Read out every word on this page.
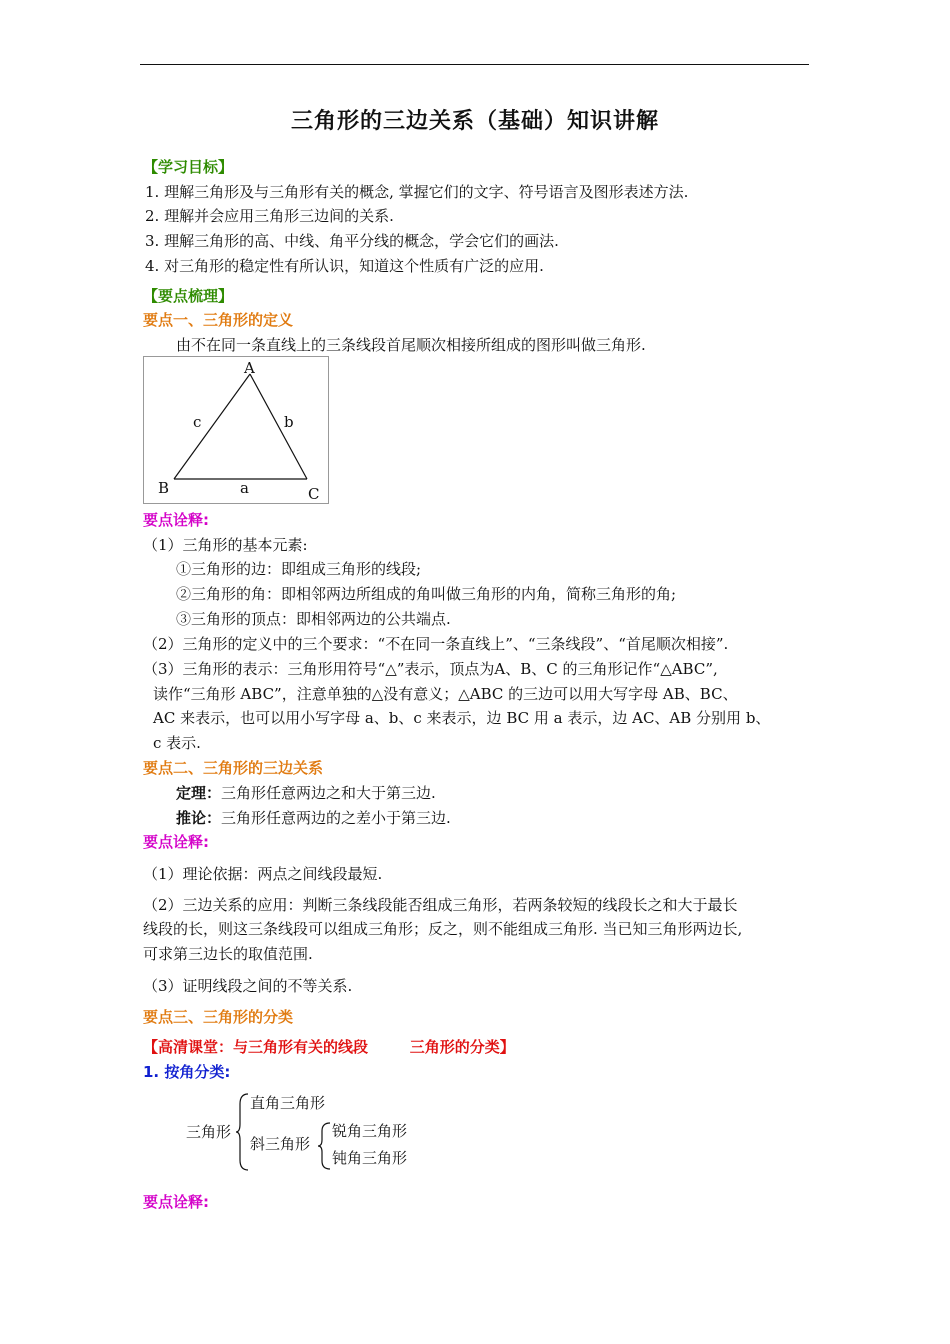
三角形的三边关系（基础）知识讲解
【学习目标】
1. 理解三角形及与三角形有关的概念, 掌握它们的文字、符号语言及图形表述方法.
2. 理解并会应用三角形三边间的关系.
3. 理解三角形的高、中线、角平分线的概念，学会它们的画法.
4. 对三角形的稳定性有所认识，知道这个性质有广泛的应用.
【要点梳理】
要点一、三角形的定义
由不在同一条直线上的三条线段首尾顺次相接所组成的图形叫做三角形.
A
B	C
a
b
c
要点诠释:
（1）三角形的基本元素:
①三角形的边：即组成三角形的线段;
②三角形的角：即相邻两边所组成的角叫做三角形的内角，简称三角形的角;
③三角形的顶点：即相邻两边的公共端点.
（2）三角形的定义中的三个要求：“不在同一条直线上”、“三条线段”、“首尾顺次相接”.
（3）三角形的表示：三角形用符号“△”表示，顶点为A、B、C 的三角形记作“△ABC”,
读作“三角形 ABC”，注意单独的△没有意义；△ABC 的三边可以用大写字母 AB、BC、
AC 来表示，也可以用小写字母 a、b、c 来表示，边 BC 用 a 表示，边 AC、AB 分别用 b、
c 表示.
要点二、三角形的三边关系
定理：三角形任意两边之和大于第三边.
推论：三角形任意两边的之差小于第三边.
要点诠释:
（1）理论依据：两点之间线段最短.
（2）三边关系的应用：判断三条线段能否组成三角形，若两条较短的线段长之和大于最长
线段的长，则这三条线段可以组成三角形；反之，则不能组成三角形. 当已知三角形两边长,
可求第三边长的取值范围.
（3）证明线段之间的不等关系.
要点三、三角形的分类
【高清课堂：与三角形有关的线段        三角形的分类】
1. 按角分类:
三角形
直角三角形
斜三角形
锐角三角形
钝角三角形
要点诠释:
